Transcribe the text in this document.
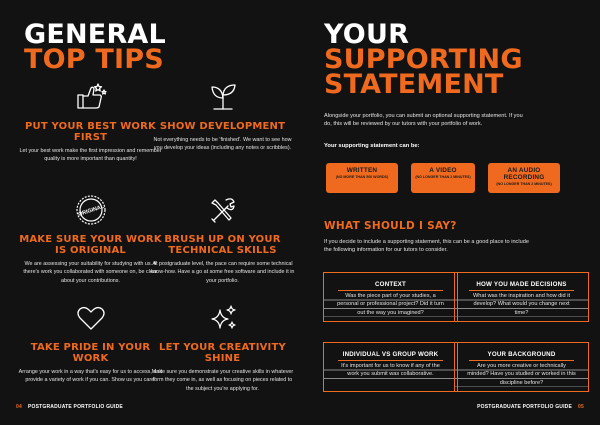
GENERAL
TOP TIPS
PUT YOUR BEST WORK FIRST

Let your best work make the first impression and remember quality is more important than quantity!

SHOW DEVELOPMENT

Not everything needs to be 'finished'. We want to see how you develop your ideas (including any notes or scribbles).

ORIGINAL
MAKE SURE YOUR WORK IS ORIGINAL

We are assessing your suitability for studying with us. If there's work you collaborated with someone on, be clear about your contributions.

BRUSH UP ON YOUR TECHNICAL SKILLS

At postgraduate level, the pace can require some technical know-how. Have a go at some free software and include it in your portfolio.

TAKE PRIDE IN YOUR WORK

Arrange your work in a way that's easy for us to access, and provide a variety of work if you can. Show us you care!

LET YOUR CREATIVITY SHINE

Make sure you demonstrate your creative skills in whatever form they come in, as well as focusing on pieces related to the subject you're applying for.

04 POSTGRADUATE PORTFOLIO GUIDE
YOUR
SUPPORTING
STATEMENT

Alongside your portfolio, you can submit an optional supporting statement. If you do, this will be reviewed by our tutors with your portfolio of work.

Your supporting statement can be:
WRITTEN
(NO MORE THAN 500 WORDS)
A VIDEO
(NO LONGER THAN 2 MINUTES)
AN AUDIO RECORDING
(NO LONGER THAN 2 MINUTES)
WHAT SHOULD I SAY?

If you decide to include a supporting statement, this can be a good place to include the following information for our tutors to consider.

CONTEXT

Was the piece part of your studies, a personal or professional project? Did it turn out the way you imagined?

HOW YOU MADE DECISIONS

What was the inspiration and how did it develop? What would you change next time?

INDIVIDUAL VS GROUP WORK

It's important for us to know if any of the work you submit was collaborative.

YOUR BACKGROUND

Are you more creative or technically minded? Have you studied or worked in this discipline before?

POSTGRADUATE PORTFOLIO GUIDE 05
